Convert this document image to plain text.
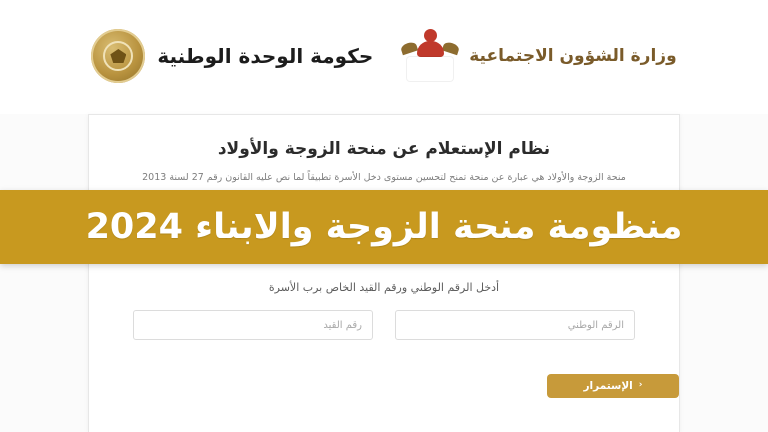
وزارة الشؤون الاجتماعية
حكومة الوحدة الوطنية
نظام الإستعلام عن منحة الزوجة والأولاد

منحة الزوجة والأولاد هي عبارة عن منحة تمنح لتحسين مستوى دخل الأسرة تطبيقاً لما نص عليه القانون رقم 27 لسنة 2013

أدخل الرقم الوطني ورقم القيد الخاص برب الأسرة

الرقم الوطني
رقم القيد
‹
الإستمرار
منظومة منحة الزوجة والابناء 2024
